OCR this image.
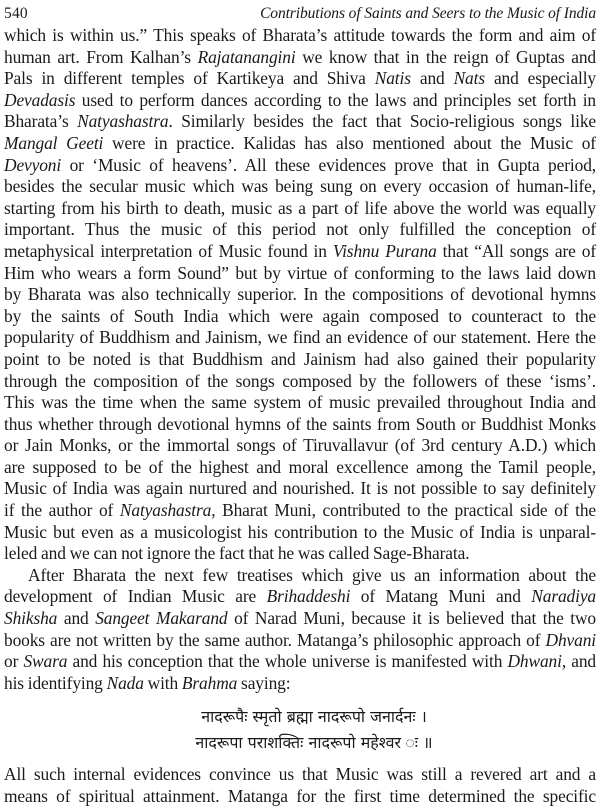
540	Contributions of Saints and Seers to the Music of India
which is within us.” This speaks of Bharata’s attitude towards the form and aim of
human art. From Kalhan’s Rajatanangini we know that in the reign of Guptas and
Pals in different temples of Kartikeya and Shiva Natis and Nats and especially
Devadasis used to perform dances according to the laws and principles set forth in
Bharata’s Natyashastra. Similarly besides the fact that Socio-religious songs like
Mangal Geeti were in practice. Kalidas has also mentioned about the Music of
Devyoni or ‘Music of heavens’. All these evidences prove that in Gupta period,
besides the secular music which was being sung on every occasion of human-life,
starting from his birth to death, music as a part of life above the world was equally
important. Thus the music of this period not only fulfilled the conception of
metaphysical interpretation of Music found in Vishnu Purana that “All songs are of
Him who wears a form Sound” but by virtue of conforming to the laws laid down
by Bharata was also technically superior. In the compositions of devotional hymns
by the saints of South India which were again composed to counteract to the
popularity of Buddhism and Jainism, we find an evidence of our statement. Here the
point to be noted is that Buddhism and Jainism had also gained their popularity
through the composition of the songs composed by the followers of these ‘isms’.
This was the time when the same system of music prevailed throughout India and
thus whether through devotional hymns of the saints from South or Buddhist Monks
or Jain Monks, or the immortal songs of Tiruvallavur (of 3rd century A.D.) which
are supposed to be of the highest and moral excellence among the Tamil people,
Music of India was again nurtured and nourished. It is not possible to say definitely
if the author of Natyashastra, Bharat Muni, contributed to the practical side of the
Music but even as a musicologist his contribution to the Music of India is unparal-
leled and we can not ignore the fact that he was called Sage-Bharata.
After Bharata the next few treatises which give us an information about the
development of Indian Music are Brihaddeshi of Matang Muni and Naradiya
Shiksha and Sangeet Makarand of Narad Muni, because it is believed that the two
books are not written by the same author. Matanga’s philosophic approach of Dhvani
or Swara and his conception that the whole universe is manifested with Dhwani, and
his identifying Nada with Brahma saying:
नादरूपैः स्मृतो ब्रह्मा नादरूपो जनार्दनः ।
नादरूपा पराशक्तिः नादरूपो महेश्वर ः ॥
All such internal evidences convince us that Music was still a revered art and a
means of spiritual attainment. Matanga for the first time determined the specific
